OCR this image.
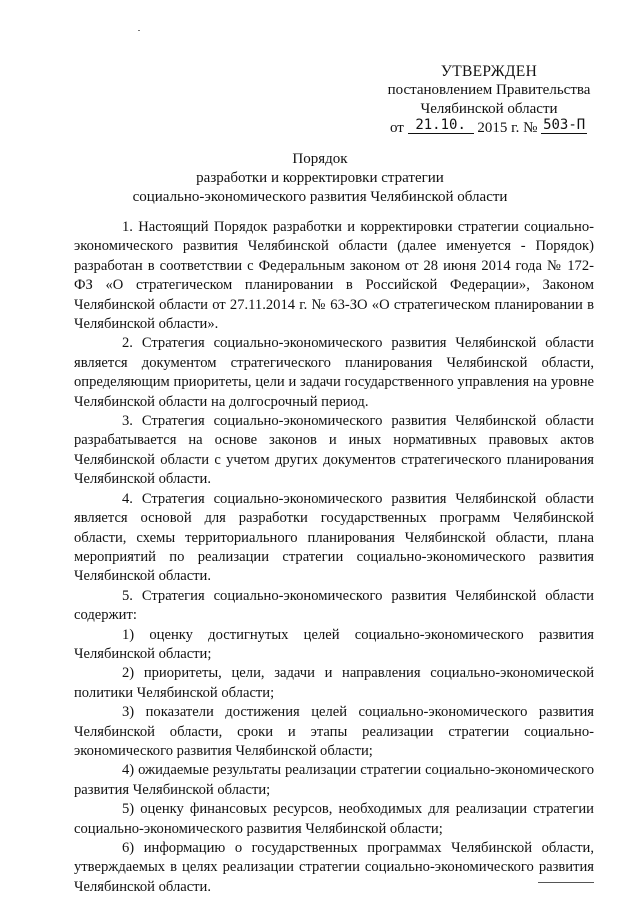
УТВЕРЖДЕН
постановлением Правительства
Челябинской области
от 21.10. 2015 г. № 503-П
Порядок
разработки и корректировки стратегии
социально-экономического развития Челябинской области

1. Настоящий Порядок разработки и корректировки стратегии социально-экономического развития Челябинской области (далее именуется - Порядок) разработан в соответствии с Федеральным законом от 28 июня 2014 года № 172-ФЗ «О стратегическом планировании в Российской Федерации», Законом Челябинской области от 27.11.2014 г. № 63-ЗО «О стратегическом планировании в Челябинской области».

2. Стратегия социально-экономического развития Челябинской области является документом стратегического планирования Челябинской области, определяющим приоритеты, цели и задачи государственного управления на уровне Челябинской области на долгосрочный период.

3. Стратегия социально-экономического развития Челябинской области разрабатывается на основе законов и иных нормативных правовых актов Челябинской области с учетом других документов стратегического планирования Челябинской области.

4. Стратегия социально-экономического развития Челябинской области является основой для разработки государственных программ Челябинской области, схемы территориального планирования Челябинской области, плана мероприятий по реализации стратегии социально-экономического развития Челябинской области.

5. Стратегия социально-экономического развития Челябинской области содержит:

1) оценку достигнутых целей социально-экономического развития Челябинской области;

2) приоритеты, цели, задачи и направления социально-экономической политики Челябинской области;

3) показатели достижения целей социально-экономического развития Челябинской области, сроки и этапы реализации стратегии социально-экономического развития Челябинской области;

4) ожидаемые результаты реализации стратегии социально-экономического развития Челябинской области;

5) оценку финансовых ресурсов, необходимых для реализации стратегии социально-экономического развития Челябинской области;

6) информацию о государственных программах Челябинской области, утверждаемых в целях реализации стратегии социально-экономического развития Челябинской области.
